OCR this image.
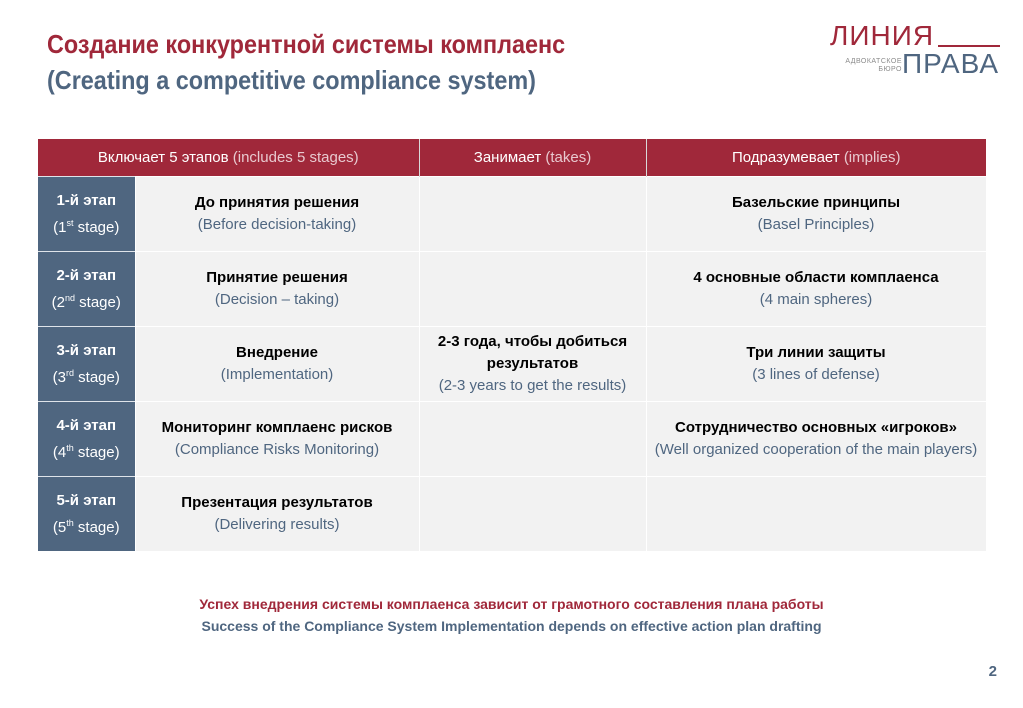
Создание конкурентной системы комплаенс
(Creating a competitive compliance system)
ЛИНИЯ
АДВОКАТСКОЕ
БЮРО ПРАВА
Включает 5 этапов (includes 5 stages)		Занимает (takes)	Подразумевает (implies)

1-й этап
(1st stage)	До принятия решения
(Before decision-taking)		Базельские принципы
(Basel Principles)

2-й этап
(2nd stage)	Принятие решения
(Decision – taking)		4 основные области комплаенса
(4 main spheres)

3-й этап
(3rd stage)	Внедрение
(Implementation)	2-3 года, чтобы добиться результатов
(2-3 years to get the results)	Три линии защиты
(3 lines of defense)

4-й этап
(4th stage)	Мониторинг комплаенс рисков
(Compliance Risks Monitoring)		Сотрудничество основных «игроков»
(Well organized cooperation of the main players)

5-й этап
(5th stage)	Презентация результатов
(Delivering results)		

Успех внедрения системы комплаенса зависит от грамотного составления плана работы
Success of the Compliance System Implementation depends on effective action plan drafting
2
